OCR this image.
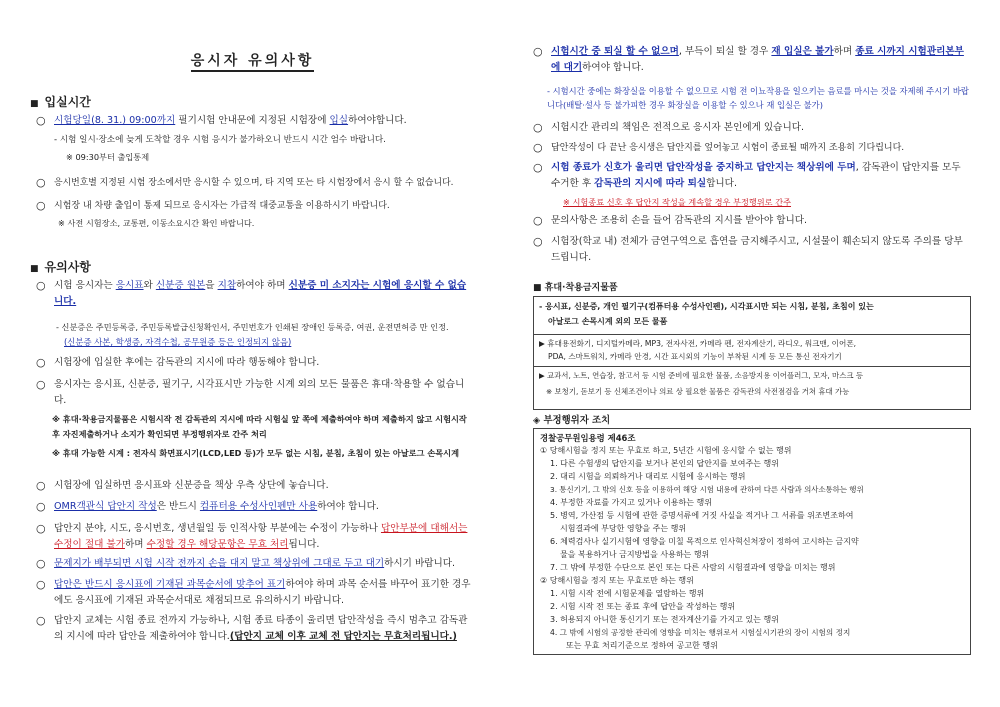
응시자 유의사항
■ 입실시간
○ 시험당일(8. 31.) 09:00까지 필기시험 안내문에 지정된 시험장에 입실하여야합니다.
- 시험 일시·장소에 늦게 도착할 경우 시험 응시가 불가하오니 반드시 시간 엄수 바랍니다.
※ 09:30부터 출입통제
○ 응시번호별 지정된 시험 장소에서만 응시할 수 있으며, 타 지역 또는 타 시험장에서 응시 할 수 없습니다.
○ 시험장 내 차량 출입이 통제 되므로 응시자는 가급적 대중교통을 이용하시기 바랍니다.
※ 사전 시험장소, 교통편, 이동소요시간 확인 바랍니다.
■ 유의사항
○ 시험 응시자는 응시표와 신분증 원본을 지참하여야 하며 신분증 미 소지자는 시험에 응시할 수 없습니다.
- 신분증은 주민등록증, 주민등록발급신청확인서, 주민번호가 인쇄된 장애인 등록증, 여권, 운전면허증 만 인정.
(신분증 사본, 학생증, 자격수첩, 공무원증 등은 인정되지 않음)
○ 시험장에 입실한 후에는 감독관의 지시에 따라 행동해야 합니다.
○ 응시자는 응시표, 신분증, 필기구, 시각표시만 가능한 시계 외의 모든 물품은 휴대·착용할 수 없습니다.
※ 휴대·착용금지물품은 시험시작 전 감독관의 지시에 따라 시험실 앞 쪽에 제출하여야 하며 제출하지 않고 시험시작 후 자진제출하거나 소지가 확인되면 부정행위자로 간주 처리
※ 휴대 가능한 시계 : 전자식 화면표시기(LCD,LED 등)가 모두 없는 시침, 분침, 초침이 있는 아날로그 손목시계
○ 시험장에 입실하면 응시표와 신분증을 책상 우측 상단에 놓습니다.
○ OMR객관식 답안지 작성은 반드시 컴퓨터용 수성사인펜만 사용하여야 합니다.
○ 답안지 분야, 시도, 응시번호, 생년월일 등 인적사항 부분에는 수정이 가능하나 답안부분에 대해서는 수정이 절대 불가하며 수정할 경우 해당문항은 무효 처리됩니다.
○ 문제지가 배부되면 시험 시작 전까지 손을 대지 말고 책상위에 그대로 두고 대기하시기 바랍니다.
○ 답안은 반드시 응시표에 기재된 과목순서에 맞추어 표기하여야 하며 과목 순서를 바꾸어 표기한 경우에도 응시표에 기재된 과목순서대로 채점되므로 유의하시기 바랍니다.
○ 답안지 교체는 시험 종료 전까지 가능하나, 시험 종료 타종이 울리면 답안작성을 즉시 멈추고 감독관의 지시에 따라 답안을 제출하여야 합니다.(답안지 교체 이후 교체 전 답안지는 무효처리됩니다.)
○ 시험시간 중 퇴실 할 수 없으며, 부득이 퇴실 할 경우 재 입실은 불가하며 종료 시까지 시험관리본부에 대기하여야 합니다.
- 시험시간 중에는 화장실을 이용할 수 없으므로 시험 전 이뇨작용을 일으키는 음료를 마시는 것을 자제해 주시기 바랍니다(배탈·설사 등 불가피한 경우 화장실을 이용할 수 있으나 재 입실은 불가)
○ 시험시간 관리의 책임은 전적으로 응시자 본인에게 있습니다.
○ 답안작성이 다 끝난 응시생은 답안지를 엎어놓고 시험이 종료될 때까지 조용히 기다립니다.
○ 시험 종료가 신호가 울리면 답안작성을 중지하고 답안지는 책상위에 두며, 감독관이 답안지를 모두 수거한 후 감독관의 지시에 따라 퇴실합니다.
※ 시험종료 신호 후 답안지 작성을 계속할 경우 부정행위로 간주
○ 문의사항은 조용히 손을 들어 감독관의 지시를 받아야 합니다.
○ 시험장(학교 내) 전체가 금연구역으로 흡연을 금지해주시고, 시설물이 훼손되지 않도록 주의를 당부 드립니다.
■ 휴대·착용금지물품
- 응시표, 신분증, 개인 필기구(컴퓨터용 수성사인펜), 시각표시만 되는 시침, 분침, 초침이 있는
아날로그 손목시계 외의 모든 물품
▶ 휴대용전화기, 디지털카메라, MP3, 전자사전, 카메라 펜, 전자계산기, 라디오, 워크맨, 이어폰,
PDA, 스마트워치, 카메라 안경, 시간 표시외의 기능이 부착된 시계 등 모든 통신 전자기기
▶ 교과서, 노트, 연습장, 참고서 등 시험 준비에 필요한 물품, 소음방지용 이어플러그, 모자, 마스크 등
※ 보청기, 돋보기 등 신체조건이나 의료 상 필요한 물품은 감독관의 사전점검을 거쳐 휴대 가능
◈ 부정행위자 조치
경찰공무원임용령 제46조
① 당해시험을 정지 또는 무효로 하고, 5년간 시험에 응시할 수 없는 행위
1. 다른 수험생의 답안지를 보거나 본인의 답안지를 보여주는 행위
2. 대리 시험을 의뢰하거나 대리로 시험에 응시하는 행위
3. 통신기기, 그 밖의 신호 등을 이용하여 해당 시험 내용에 관하여 다른 사람과 의사소통하는 행위
4. 부정한 자료를 가지고 있거나 이용하는 행위
5. 병역, 가산점 등 시험에 관한 증명서류에 거짓 사실을 적거나 그 서류를 위조변조하여
시험결과에 부당한 영향을 주는 행위
6. 체력검사나 실기시험에 영향을 미칠 목적으로 인사혁신처장이 정하여 고시하는 금지약
물을 복용하거나 금지방법을 사용하는 행위
7. 그 밖에 부정한 수단으로 본인 또는 다른 사람의 시험결과에 영향을 미치는 행위
② 당해시험을 정지 또는 무효로만 하는 행위
1. 시험 시작 전에 시험문제를 열람하는 행위
2. 시험 시작 전 또는 종료 후에 답안을 작성하는 행위
3. 허용되지 아니한 통신기기 또는 전자계산기를 가지고 있는 행위
4. 그 밖에 시험의 공정한 관리에 영향을 미치는 행위로서 시험실시기관의 장이 시험의 정지
또는 무효 처리기준으로 정하여 공고한 행위
